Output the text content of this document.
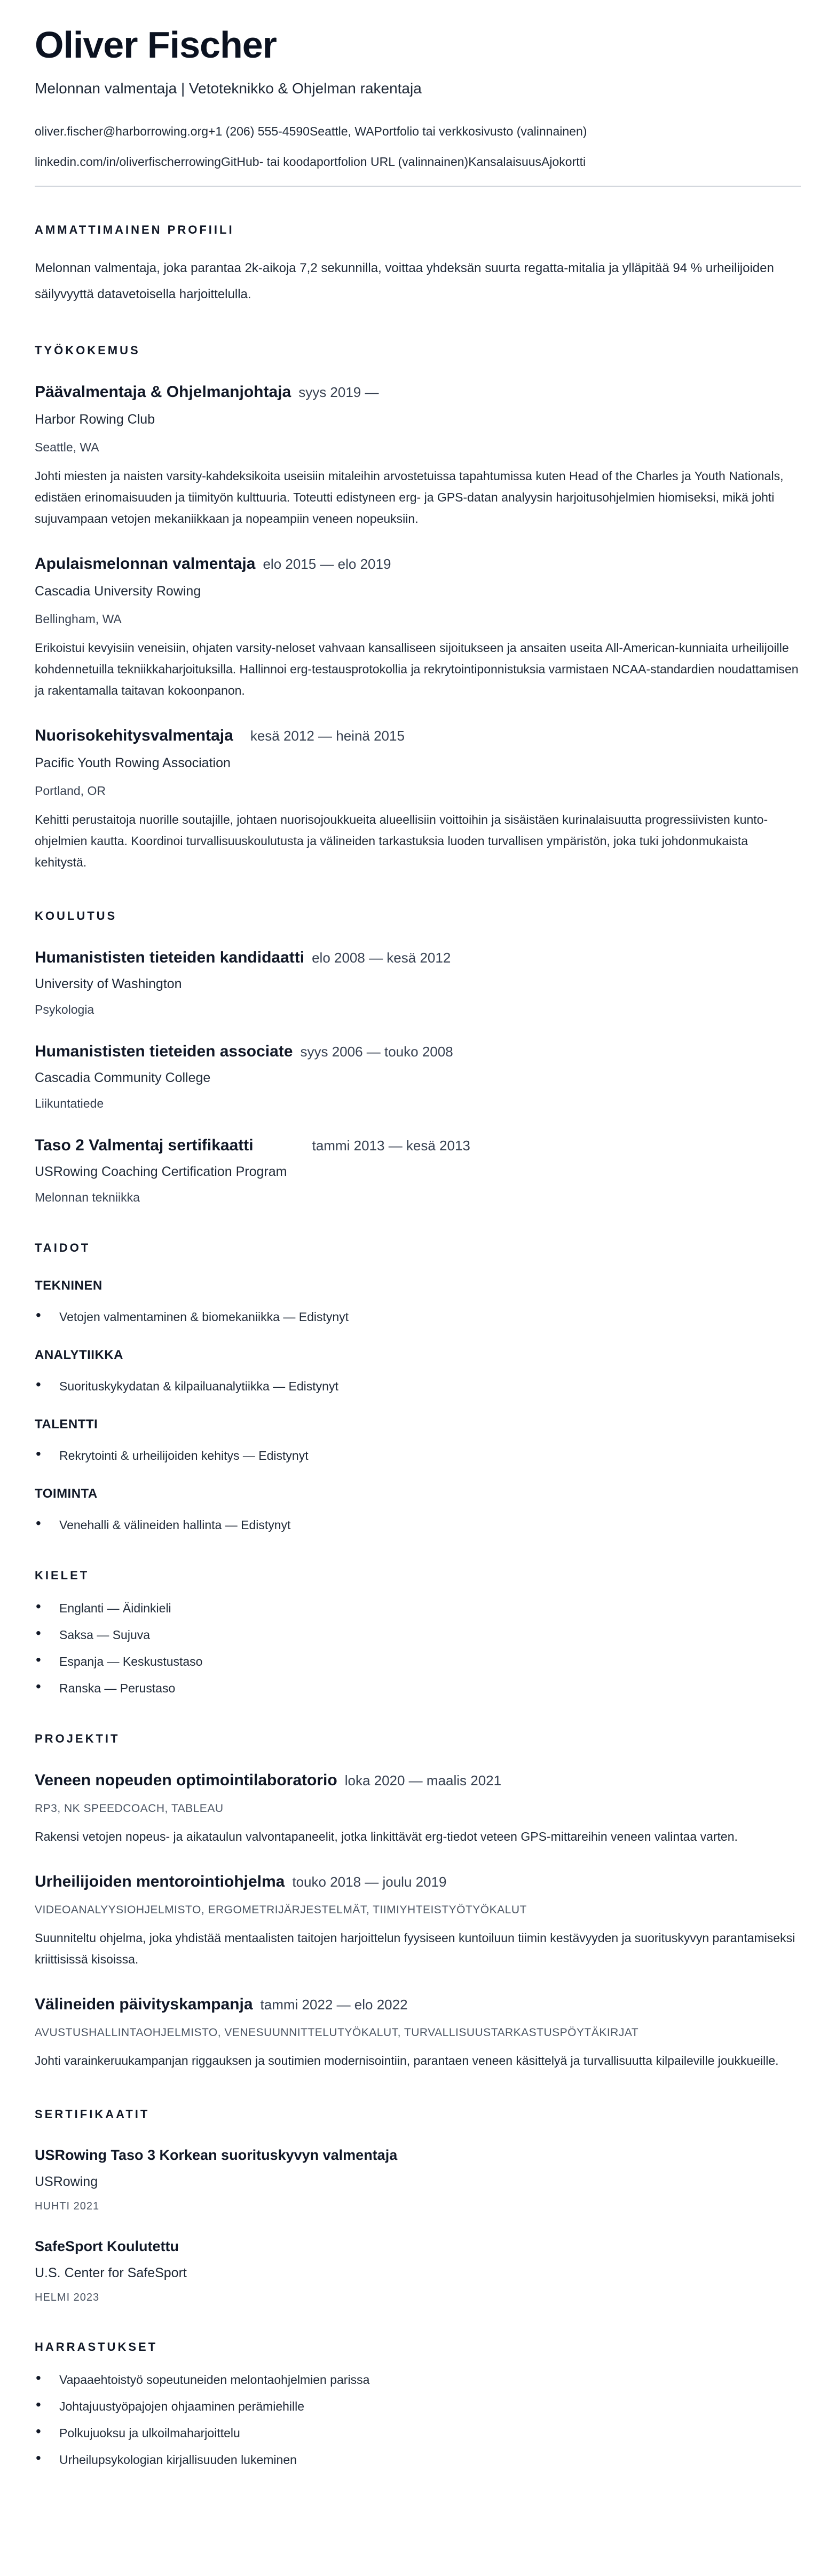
Oliver Fischer
Melonnan valmentaja | Vetoteknikko & Ohjelman rakentaja
oliver.fischer@harborrowing.org+1 (206) 555-4590Seattle, WAPortfolio tai verkkosivusto (valinnainen)
linkedin.com/in/oliverfischerrowingGitHub- tai koodaportfolion URL (valinnainen)KansalaisuusAjokortti
AMMATTIMAINEN PROFIILI

Melonnan valmentaja, joka parantaa 2k-aikoja 7,2 sekunnilla, voittaa yhdeksän suurta regatta-mitalia ja ylläpitää 94 % urheilijoiden säilyvyyttä datavetoisella harjoittelulla.

TYÖKOKEMUS
Päävalmentaja & Ohjelmanjohtaja syys 2019 —
Harbor Rowing Club
Seattle, WA

Johti miesten ja naisten varsity-kahdeksikoita useisiin mitaleihin arvostetuissa tapahtumissa kuten Head of the Charles ja Youth Nationals, edistäen erinomaisuuden ja tiimityön kulttuuria. Toteutti edistyneen erg- ja GPS-datan analyysin harjoitusohjelmien hiomiseksi, mikä johti sujuvampaan vetojen mekaniikkaan ja nopeampiin veneen nopeuksiin.

Apulaismelonnan valmentaja elo 2015 — elo 2019
Cascadia University Rowing
Bellingham, WA

Erikoistui kevyisiin veneisiin, ohjaten varsity-neloset vahvaan kansalliseen sijoitukseen ja ansaiten useita All-American-kunniaita urheilijoille kohdennetuilla tekniikkaharjoituksilla. Hallinnoi erg-testausprotokollia ja rekrytointiponnistuksia varmistaen NCAA-standardien noudattamisen ja rakentamalla taitavan kokoonpanon.

Nuorisokehitysvalmentaja kesä 2012 — heinä 2015
Pacific Youth Rowing Association
Portland, OR

Kehitti perustaitoja nuorille soutajille, johtaen nuorisojoukkueita alueellisiin voittoihin ja sisäistäen kurinalaisuutta progressiivisten kunto-ohjelmien kautta. Koordinoi turvallisuuskoulutusta ja välineiden tarkastuksia luoden turvallisen ympäristön, joka tuki johdonmukaista kehitystä.

KOULUTUS
Humanististen tieteiden kandidaatti elo 2008 — kesä 2012
University of Washington
Psykologia
Humanististen tieteiden associate syys 2006 — touko 2008
Cascadia Community College
Liikuntatiede
Taso 2 Valmentaj sertifikaatti	tammi 2013 — kesä 2013
USRowing Coaching Certification Program
Melonnan tekniikka
TAIDOT
TEKNINEN
• Vetojen valmentaminen & biomekaniikka — Edistynyt
ANALYTIIKKA
• Suorituskykydatan & kilpailuanalytiikka — Edistynyt
TALENTTI
• Rekrytointi & urheilijoiden kehitys — Edistynyt
TOIMINTA
• Venehalli & välineiden hallinta — Edistynyt
KIELET
• Englanti — Äidinkieli
• Saksa — Sujuva
• Espanja — Keskustustaso
• Ranska — Perustaso
PROJEKTIT
Veneen nopeuden optimointilaboratorio loka 2020 — maalis 2021
RP3, NK SPEEDCOACH, TABLEAU

Rakensi vetojen nopeus- ja aikataulun valvontapaneelit, jotka linkittävät erg-tiedot veteen GPS-mittareihin veneen valintaa varten.

Urheilijoiden mentorointiohjelma touko 2018 — joulu 2019
VIDEOANALYYSIOHJELMISTO, ERGOMETRIJÄRJESTELMÄT, TIIMIYHTEISTYÖTYÖKALUT

Suunniteltu ohjelma, joka yhdistää mentaalisten taitojen harjoittelun fyysiseen kuntoiluun tiimin kestävyyden ja suorituskyvyn parantamiseksi kriittisissä kisoissa.

Välineiden päivityskampanja tammi 2022 — elo 2022
AVUSTUSHALLINTAOHJELMISTO, VENESUUNNITTELUTYÖKALUT, TURVALLISUUSTARKASTUSPÖYTÄKIRJAT

Johti varainkeruukampanjan riggauksen ja soutimien modernisointiin, parantaen veneen käsittelyä ja turvallisuutta kilpaileville joukkueille.

SERTIFIKAATIT
USRowing Taso 3 Korkean suorituskyvyn valmentaja
USRowing
HUHTI 2021
SafeSport Koulutettu
U.S. Center for SafeSport
HELMI 2023
HARRASTUKSET
• Vapaaehtoistyö sopeutuneiden melontaohjelmien parissa
• Johtajuustyöpajojen ohjaaminen perämiehille
• Polkujuoksu ja ulkoilmaharjoittelu
• Urheilupsykologian kirjallisuuden lukeminen
